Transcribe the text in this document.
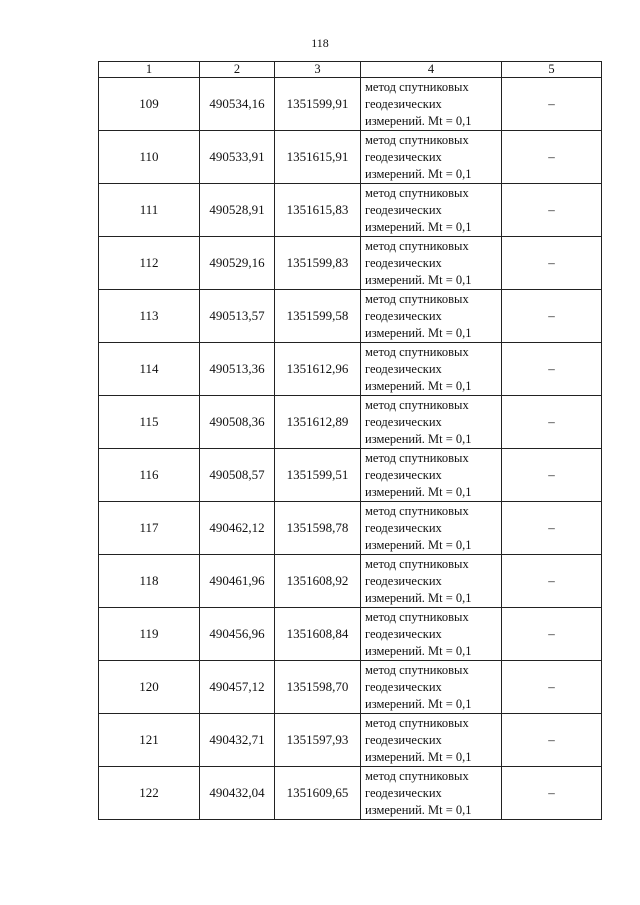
118
1	2	3	4	5
109	490534,16	1351599,91	метод спутниковых
геодезических
измерений. Mt = 0,1	–
110	490533,91	1351615,91	метод спутниковых
геодезических
измерений. Mt = 0,1	–
111	490528,91	1351615,83	метод спутниковых
геодезических
измерений. Mt = 0,1	–
112	490529,16	1351599,83	метод спутниковых
геодезических
измерений. Mt = 0,1	–
113	490513,57	1351599,58	метод спутниковых
геодезических
измерений. Mt = 0,1	–
114	490513,36	1351612,96	метод спутниковых
геодезических
измерений. Mt = 0,1	–
115	490508,36	1351612,89	метод спутниковых
геодезических
измерений. Mt = 0,1	–
116	490508,57	1351599,51	метод спутниковых
геодезических
измерений. Mt = 0,1	–
117	490462,12	1351598,78	метод спутниковых
геодезических
измерений. Mt = 0,1	–
118	490461,96	1351608,92	метод спутниковых
геодезических
измерений. Mt = 0,1	–
119	490456,96	1351608,84	метод спутниковых
геодезических
измерений. Mt = 0,1	–
120	490457,12	1351598,70	метод спутниковых
геодезических
измерений. Mt = 0,1	–
121	490432,71	1351597,93	метод спутниковых
геодезических
измерений. Mt = 0,1	–
122	490432,04	1351609,65	метод спутниковых
геодезических
измерений. Mt = 0,1	–
